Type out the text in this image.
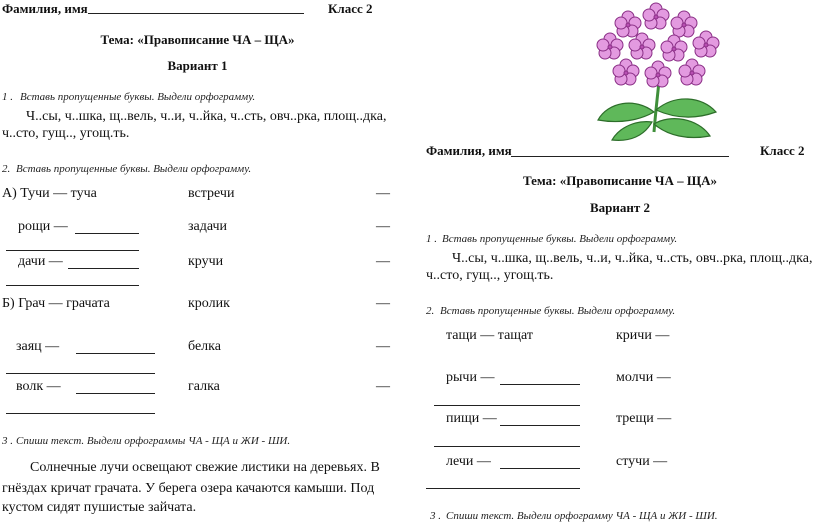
Фамилия, имя	Класс 2
Тема: «Правописание ЧА – ЩА»
Вариант 1
1 . Вставь пропущенные буквы. Выдели орфограмму.
Ч..сы, ч..шка, щ..вель, ч..и, ч..йка, ч..сть, овч..рка, площ..дка,
ч..сто, гущ.., угощ.ть.
2. Вставь пропущенные буквы. Выдели орфограмму.
А) Тучи — туча	встречи	—
рощи —	задачи	—
дачи —	кручи	—
Б) Грач — грачата	кролик	—
заяц —	белка	—
волк —	галка	—
3 . Спиши текст. Выдели орфограммы ЧА - ЩА и ЖИ - ШИ.
Солнечные лучи освещают свежие листики на деревьях. В
гнёздах кричат грачата. У берега озера качаются камыши. Под
кустом сидят пушистые зайчата.
Фамилия, имя	Класс 2
Тема: «Правописание ЧА – ЩА»
Вариант 2
1 . Вставь пропущенные буквы. Выдели орфограмму.
Ч..сы, ч..шка, щ..вель, ч..и, ч..йка, ч..сть, овч..рка, площ..дка,
ч..сто, гущ.., угощ.ть.
2. Вставь пропущенные буквы. Выдели орфограмму.
тащи — тащат	кричи —
рычи —	молчи —
пищи —	трещи —
лечи —	стучи —
3 . Спиши текст. Выдели орфограмму ЧА - ЩА и ЖИ - ШИ.
